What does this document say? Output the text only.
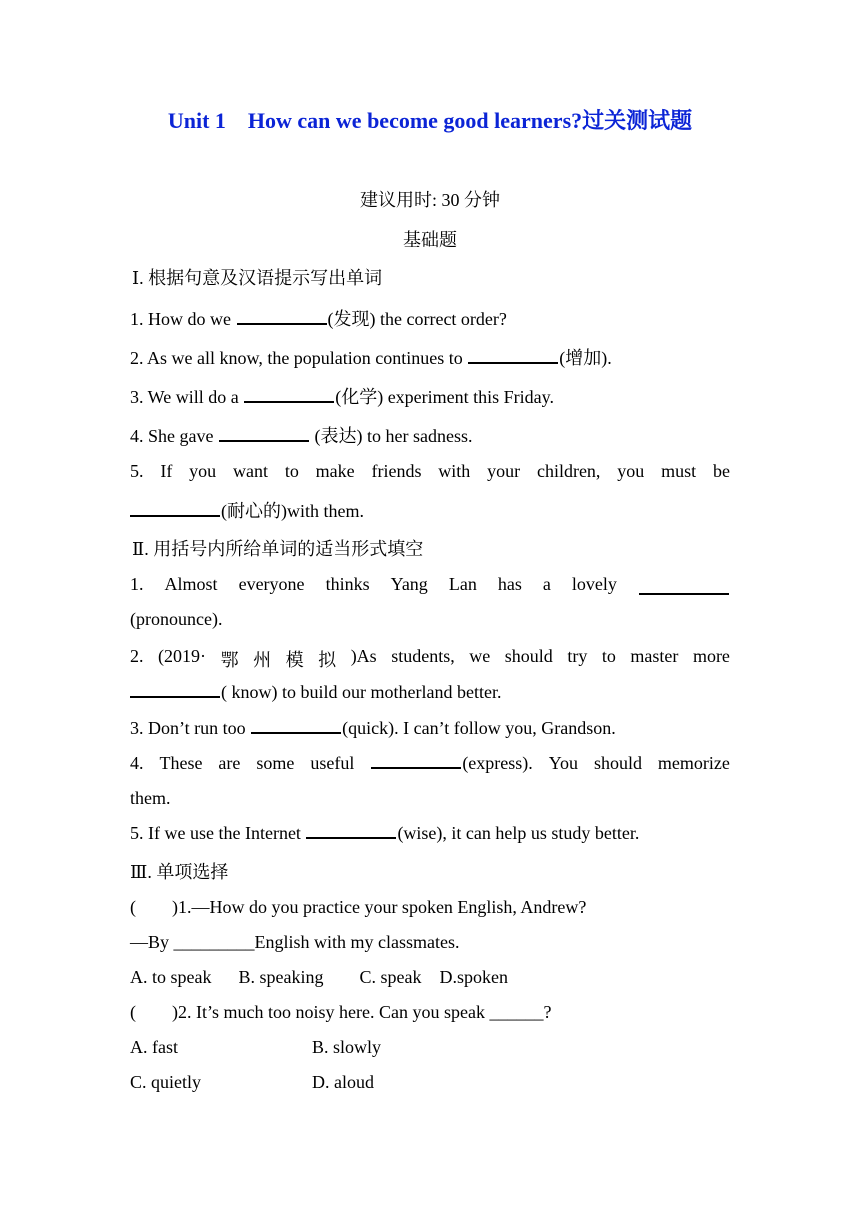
Unit 1    How can we become good learners?过关测试题
建议用时: 30 分钟
基础题
Ⅰ. 根据句意及汉语提示写出单词
1. How do we	(发现) the correct order?
2. As we all know, the population continues to	(增加).
3. We will do a	(化学) experiment this Friday.
4. She gave	(表达) to her sadness.
5. If you want to make friends with your children, you must be
(耐心的)with them.
Ⅱ. 用括号内所给单词的适当形式填空
1. Almost everyone thinks Yang Lan has a lovely
(pronounce).
2. (2019· 鄂 州 模 拟 )As students, we should try to master more
( know) to build our motherland better.
3. Don’t run too	(quick). I can’t follow you, Grandson.
4. These are some useful	(express). You should memorize
them.
5. If we use the Internet	(wise), it can help us study better.
Ⅲ. 单项选择
(        )1.—How do you practice your spoken English, Andrew?
—By _________English with my classmates.
A. to speak      B. speaking        C. speak    D.spoken
(        )2. It’s much too noisy here. Can you speak ______?
A. fast	B. slowly
C. quietly	D. aloud
